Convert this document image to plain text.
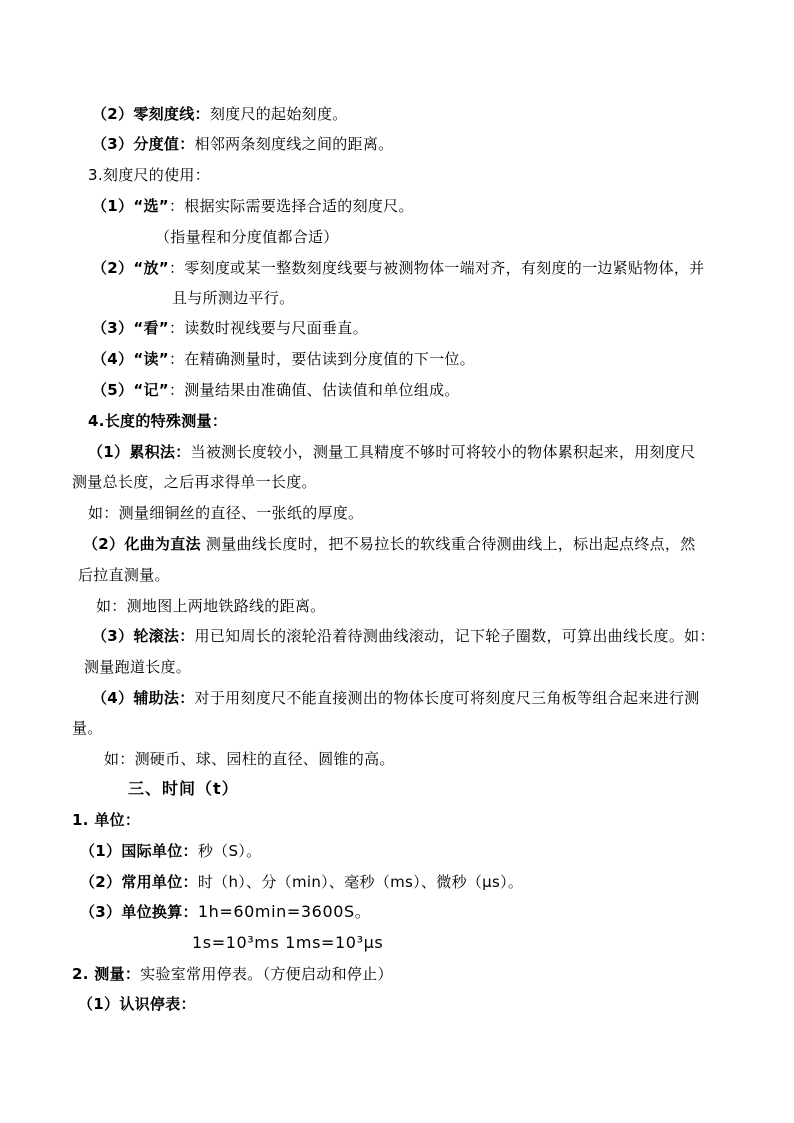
（2）零刻度线：刻度尺的起始刻度。
（3）分度值：相邻两条刻度线之间的距离。
3.刻度尺的使用：
（1）“选”：根据实际需要选择合适的刻度尺。
（指量程和分度值都合适）
（2）“放”：零刻度或某一整数刻度线要与被测物体一端对齐，有刻度的一边紧贴物体，并
且与所测边平行。
（3）“看”：读数时视线要与尺面垂直。
（4）“读”：在精确测量时，要估读到分度值的下一位。
（5）“记”：测量结果由准确值、估读值和单位组成。
4.长度的特殊测量：
（1）累积法：当被测长度较小，测量工具精度不够时可将较小的物体累积起来，用刻度尺
测量总长度，之后再求得单一长度。
如：测量细铜丝的直径、一张纸的厚度。
（2）化曲为直法 测量曲线长度时，把不易拉长的软线重合待测曲线上，标出起点终点，然
后拉直测量。
如：测地图上两地铁路线的距离。
（3）轮滚法：用已知周长的滚轮沿着待测曲线滚动，记下轮子圈数，可算出曲线长度。如：
测量跑道长度。
（4）辅助法：对于用刻度尺不能直接测出的物体长度可将刻度尺三角板等组合起来进行测
量。
如：测硬币、球、园柱的直径、圆锥的高。
三、时间（t）
1. 单位：
（1）国际单位：秒（S）。
（2）常用单位：时（h）、分（min）、毫秒（ms）、微秒（μs）。
（3）单位换算：1h=60min=3600S。
1s=10³ms 1ms=10³μs
2. 测量：实验室常用停表。（方便启动和停止）
（1）认识停表：
